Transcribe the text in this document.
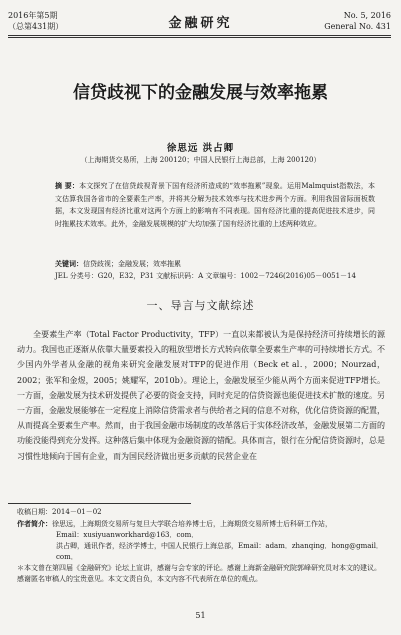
2016年第5期
（总第431期）	金融研究
No. 5, 2016
General No. 431
信贷歧视下的金融发展与效率拖累
徐思远 洪占卿
（上海期货交易所，上海 200120；中国人民银行上海总部，上海 200120）
摘 要：本文探究了在信贷歧视背景下国有经济所造成的“效率拖累”现象。运用Malmquist指数法，本文估算我国各省市的全要素生产率，并将其分解为技术效率与技术进步两个方面。利用我国省际面板数据，本文发现国有经济比重对这两个方面上的影响有不同表现。国有经济比重的提高促进技术进步，同时拖累技术效率。此外，金融发展规模的扩大均加强了国有经济比重的上述两种效应。
关键词：信贷歧视；金融发展；效率拖累
JEL 分类号：G20，E32，P31 文献标识码：A 文章编号：1002－7246(2016)05－0051－14
一、导言与文献综述

全要素生产率（Total Factor Productivity，TFP）一直以来都被认为是保持经济可持续增长的源动力。我国也正逐渐从依靠大量要素投入的粗放型增长方式转向依靠全要素生产率的可持续增长方式。不少国内外学者从金融的视角来研究金融发展对TFP的促进作用（Beck et al．，2000；Nourzad，2002；张军和金煜，2005；姚耀军，2010b）。理论上，金融发展至少能从两个方面来促进TFP增长。一方面，金融发展为技术研发提供了必要的资金支持，同时充足的信贷资源也能促进技术扩散的速度。另一方面，金融发展能够在一定程度上消除信贷需求者与供给者之间的信息不对称，优化信贷资源的配置，从而提高全要素生产率。然而，由于我国金融市场制度的改革落后于实体经济改革，金融发展第二方面的功能没能得到充分发挥。这种落后集中体现为金融资源的错配。具体而言，银行在分配信贷资源时，总是习惯性地倾向于国有企业，而为国民经济做出更多贡献的民营企业在

收稿日期：2014－01－02

作者简介：徐思远，上海期货交易所与复旦大学联合培养博士后，上海期货交易所博士后科研工作站，

Email：xusiyuanworkhard@163．com．

洪占卿，通讯作者，经济学博士，中国人民银行上海总部，Email：adam．zhanqing．hong@gmail．com．

＊本文曾在第四届《金融研究》论坛上宣讲，感谢与会专家的评论。感谢上海新金融研究院郭峰研究员对本文的建议。感谢匿名审稿人的宝贵意见。本文文责自负，本文内容不代表所在单位的观点。

51
